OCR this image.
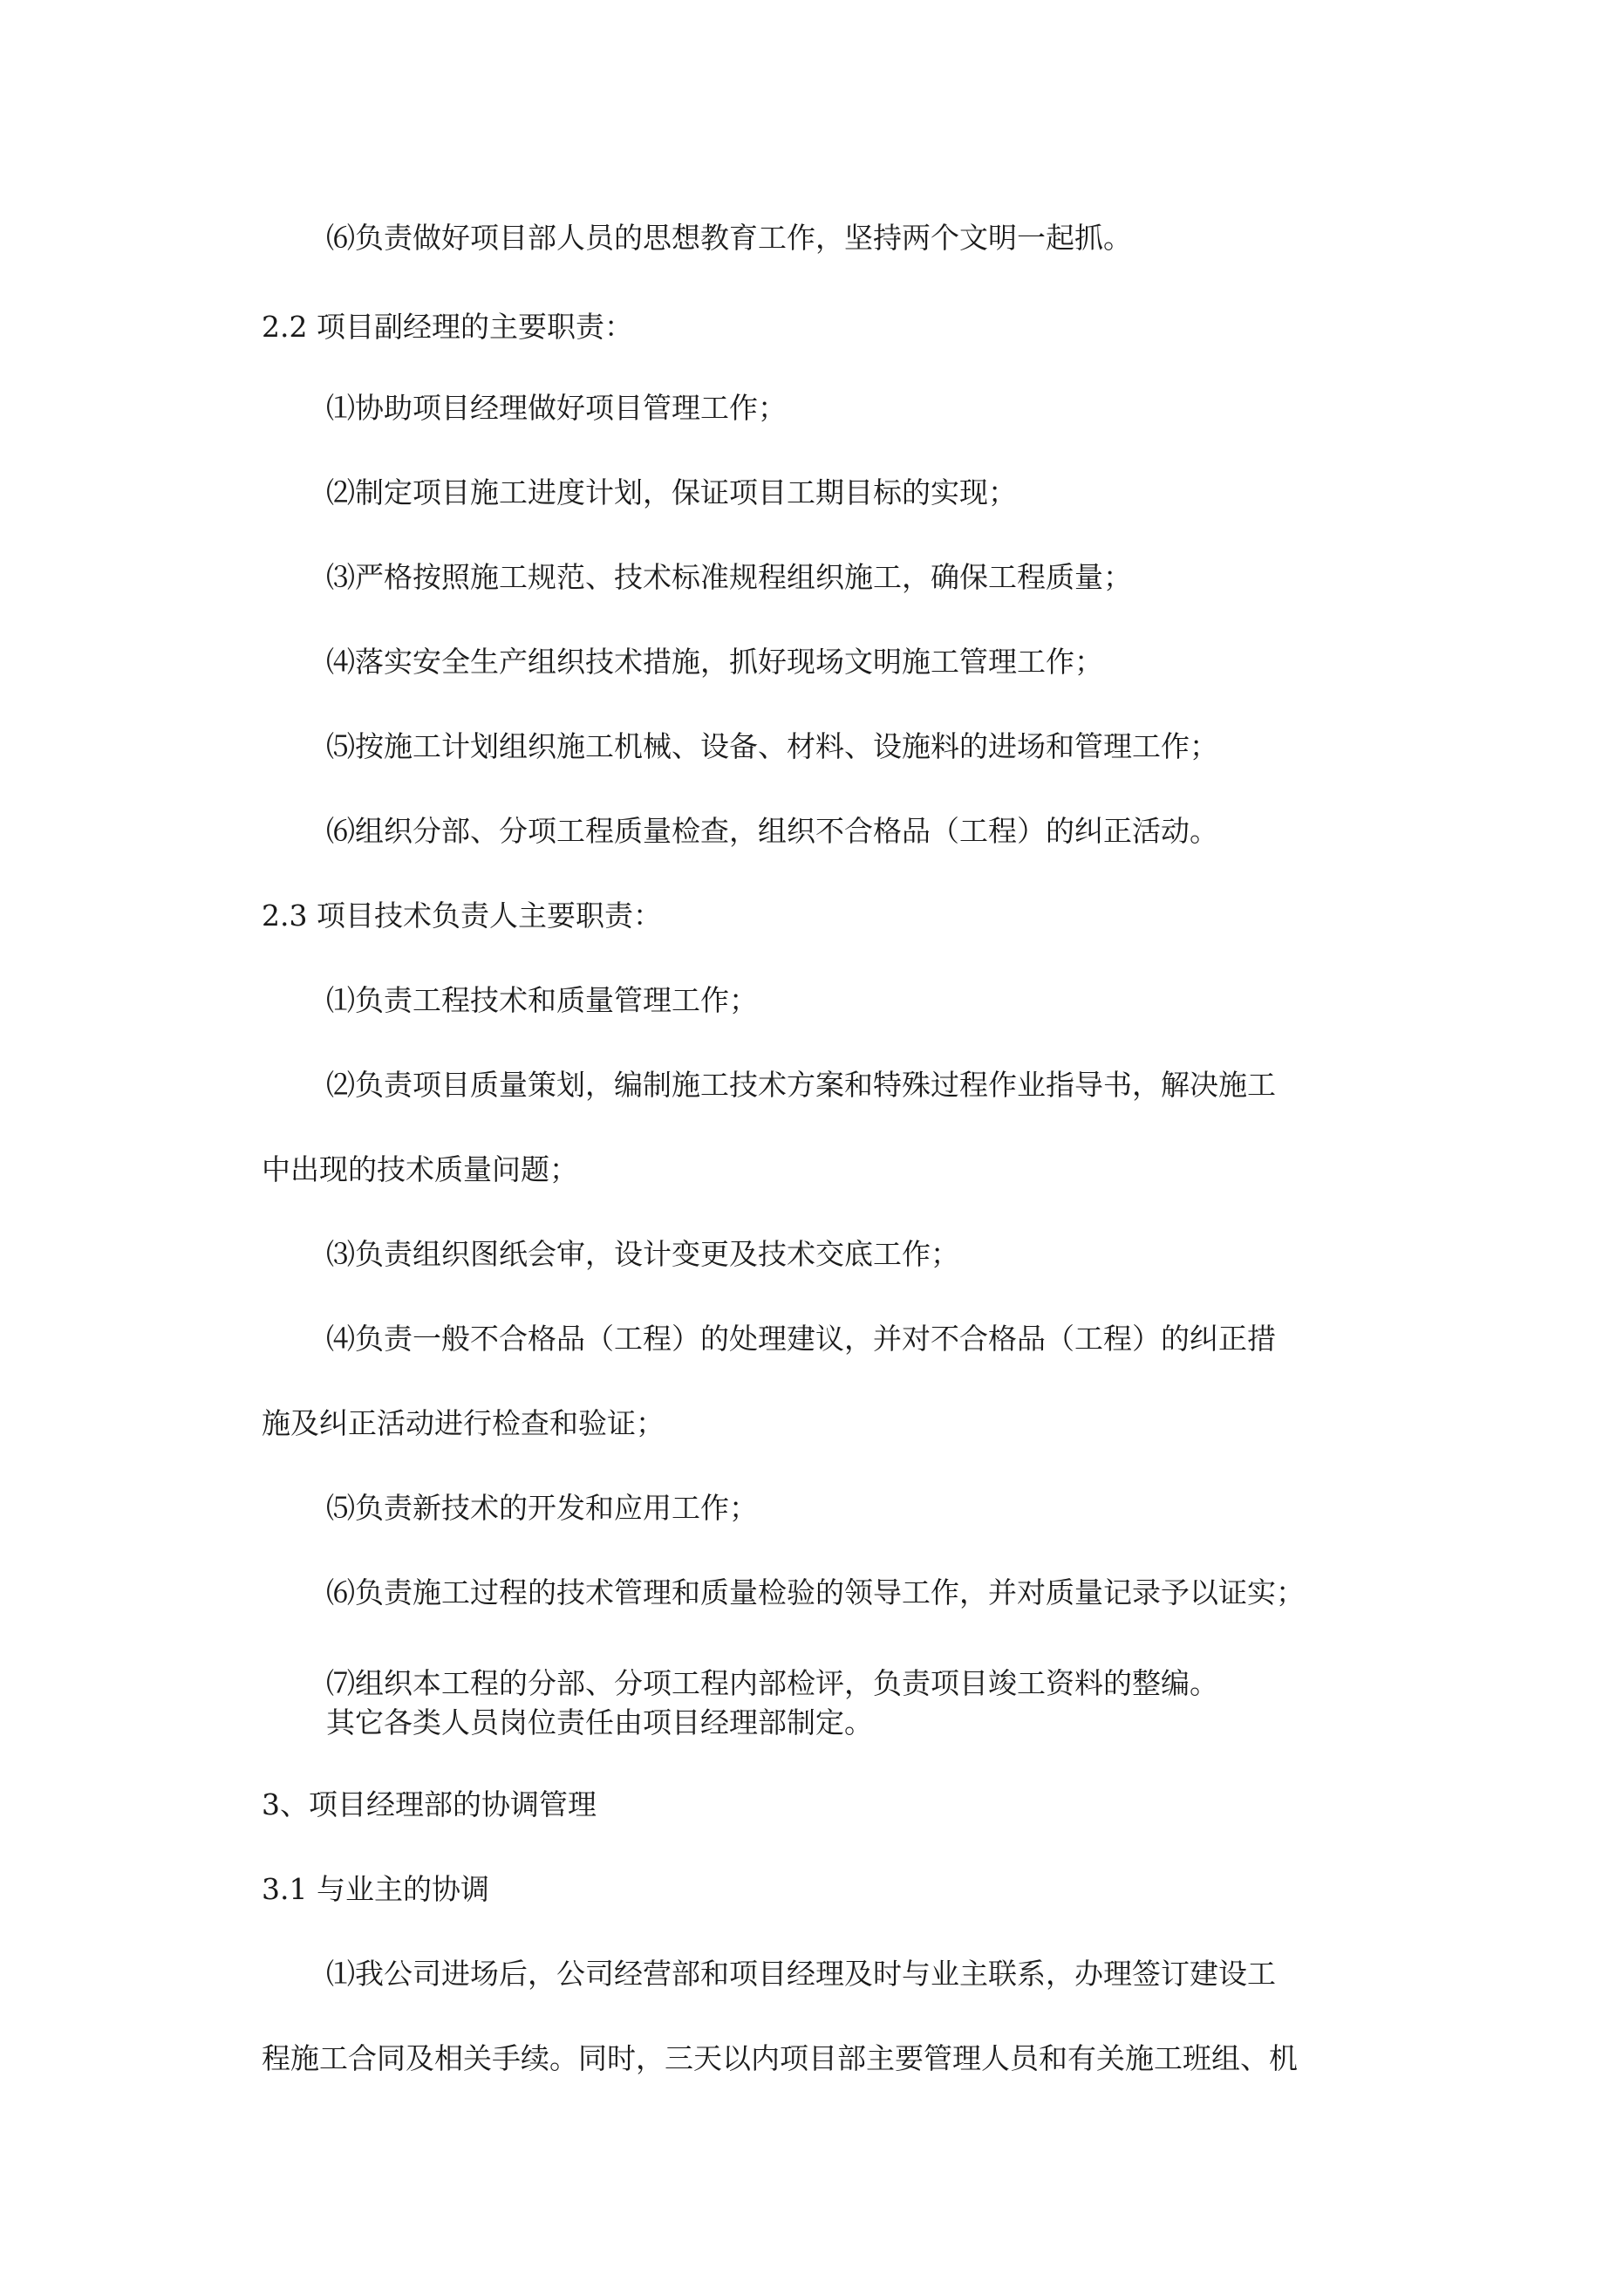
⑹负责做好项目部人员的思想教育工作，坚持两个文明一起抓。
2.2 项目副经理的主要职责：
⑴协助项目经理做好项目管理工作；
⑵制定项目施工进度计划，保证项目工期目标的实现；
⑶严格按照施工规范、技术标准规程组织施工，确保工程质量；
⑷落实安全生产组织技术措施，抓好现场文明施工管理工作；
⑸按施工计划组织施工机械、设备、材料、设施料的进场和管理工作；
⑹组织分部、分项工程质量检查，组织不合格品（工程）的纠正活动。
2.3 项目技术负责人主要职责：
⑴负责工程技术和质量管理工作；
⑵负责项目质量策划，编制施工技术方案和特殊过程作业指导书，解决施工
中出现的技术质量问题；
⑶负责组织图纸会审，设计变更及技术交底工作；
⑷负责一般不合格品（工程）的处理建议，并对不合格品（工程）的纠正措
施及纠正活动进行检查和验证；
⑸负责新技术的开发和应用工作；
⑹负责施工过程的技术管理和质量检验的领导工作，并对质量记录予以证实；
⑺组织本工程的分部、分项工程内部检评，负责项目竣工资料的整编。
其它各类人员岗位责任由项目经理部制定。
3、项目经理部的协调管理
3.1 与业主的协调
⑴我公司进场后，公司经营部和项目经理及时与业主联系，办理签订建设工
程施工合同及相关手续。同时，三天以内项目部主要管理人员和有关施工班组、机
